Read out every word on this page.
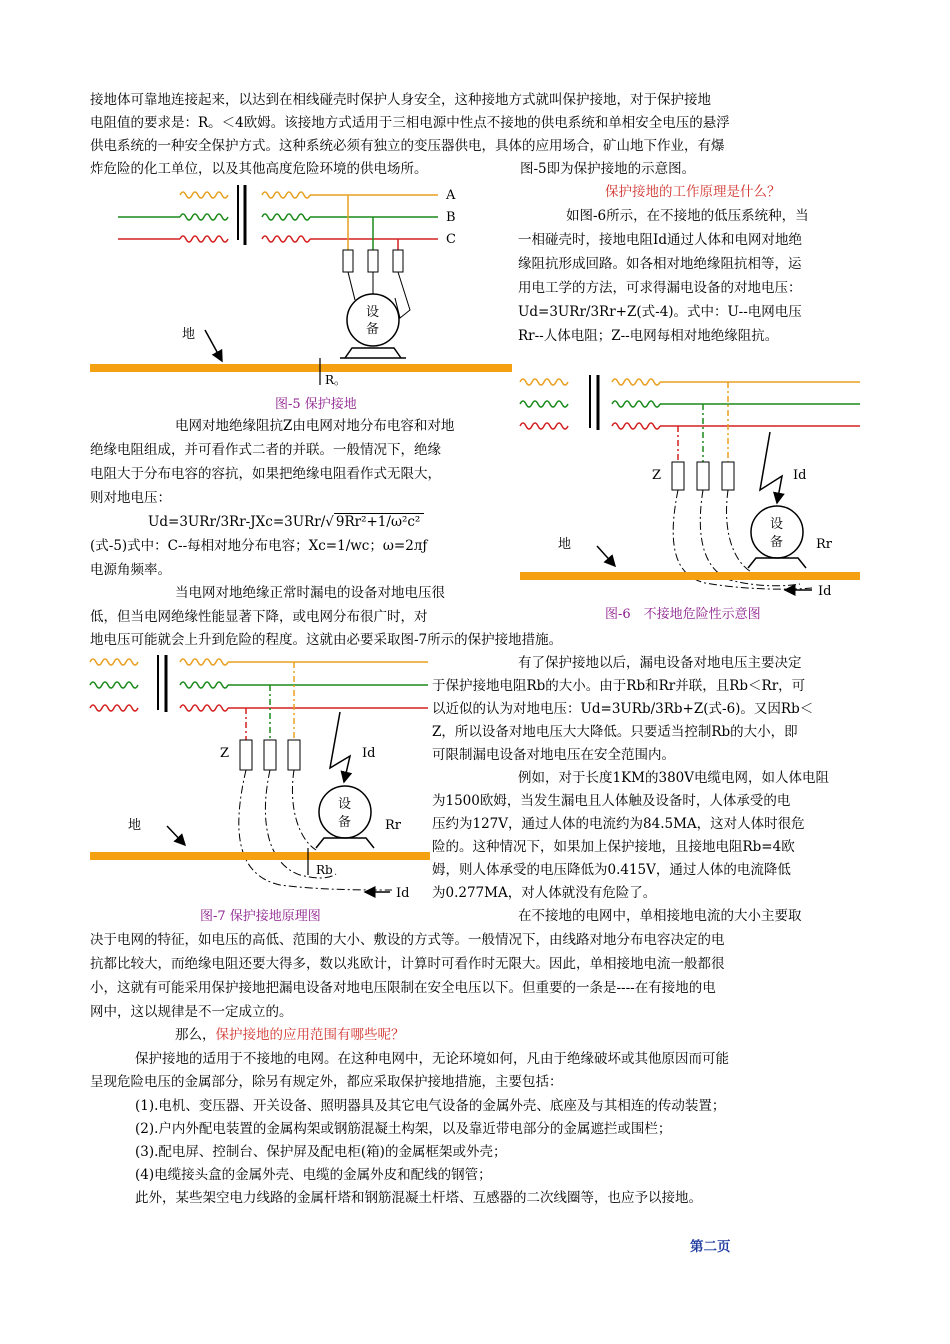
接地体可靠地连接起来，以达到在相线碰壳时保护人身安全，这种接地方式就叫保护接地，对于保护接地

电阻值的要求是：R。＜4欧姆。该接地方式适用于三相电源中性点不接地的供电系统和单相安全电压的悬浮

供电系统的一种安全保护方式。这种系统必须有独立的变压器供电，具体的应用场合，矿山地下作业，有爆

炸危险的化工单位，以及其他高度危险环境的供电场所。	图-5即为保护接地的示意图。

保护接地的工作原理是什么？

如图-6所示，在不接地的低压系统种，当

一相碰壳时，接地电阻Id通过人体和电网对地绝

缘阻抗形成回路。如各相对地绝缘阻抗相等，运

用电工学的方法，可求得漏电设备的对地电压：

Ud=3URr/3Rr+Z(式-4)。式中：U--电网电压

Rr--人体电阻；Z--电网每相对地绝缘阻抗。

电网对地绝缘阻抗Z由电网对地分布电容和对地

绝缘电阻组成，并可看作式二者的并联。一般情况下，绝缘

电阻大于分布电容的容抗，如果把绝缘电阻看作式无限大，

则对地电压：

Ud=3URr/3Rr-JXc=3URr/√ 9Rr²+1/ω²c²

(式-5)式中：C--每相对地分布电容；Xc=1/wc；ω=2лƒ

电源角频率。

当电网对地绝缘正常时漏电的设备对地电压很

低，但当电网绝缘性能显著下降，或电网分布很广时，对

地电压可能就会上升到危险的程度。这就由必要采取图-7所示的保护接地措施。

有了保护接地以后，漏电设备对地电压主要决定

于保护接地电阻Rb的大小。由于Rb和Rr并联，且Rb＜Rr，可

以近似的认为对地电压：Ud=3URb/3Rb+Z(式-6)。又因Rb＜

Z，所以设备对地电压大大降低。只要适当控制Rb的大小，即

可限制漏电设备对地电压在安全范围内。

例如，对于长度1KM的380V电缆电网，如人体电阻

为1500欧姆，当发生漏电且人体触及设备时，人体承受的电

压约为127V，通过人体的电流约为84.5MA，这对人体时很危

险的。这种情况下，如果加上保护接地，且接地电阻Rb=4欧

姆，则人体承受的电压降低为0.415V，通过人体的电流降低

为0.277MA，对人体就没有危险了。

在不接地的电网中，单相接地电流的大小主要取

决于电网的特征，如电压的高低、范围的大小、敷设的方式等。一般情况下，由线路对地分布电容决定的电

抗都比较大，而绝缘电阻还要大得多，数以兆欧计，计算时可看作时无限大。因此，单相接地电流一般都很

小，这就有可能采用保护接地把漏电设备对地电压限制在安全电压以下。但重要的一条是----在有接地的电

网中，这以规律是不一定成立的。

那么，保护接地的应用范围有哪些呢？

保护接地的适用于不接地的电网。在这种电网中，无论环境如何，凡由于绝缘破坏或其他原因而可能

呈现危险电压的金属部分，除另有规定外，都应采取保护接地措施，主要包括：

(1).电机、变压器、开关设备、照明器具及其它电气设备的金属外壳、底座及与其相连的传动装置；

(2).户内外配电装置的金属构架或钢筋混凝土构架，以及靠近带电部分的金属遮拦或围栏；

(3).配电屏、控制台、保护屏及配电柜(箱)的金属框架或外壳；

(4)电缆接头盒的金属外壳、电缆的金属外皮和配线的钢管；

此外，某些架空电力线路的金属杆塔和钢筋混凝土杆塔、互感器的二次线圈等，也应予以接地。

第二页

A
B
C
设
备
地
R。
图-5 保护接地
Z	Id
设
备	Rr
地
Id
图-6　不接地危险性示意图
Z	Id
设
备	Rr
地
Rb
Id
图-7 保护接地原理图
